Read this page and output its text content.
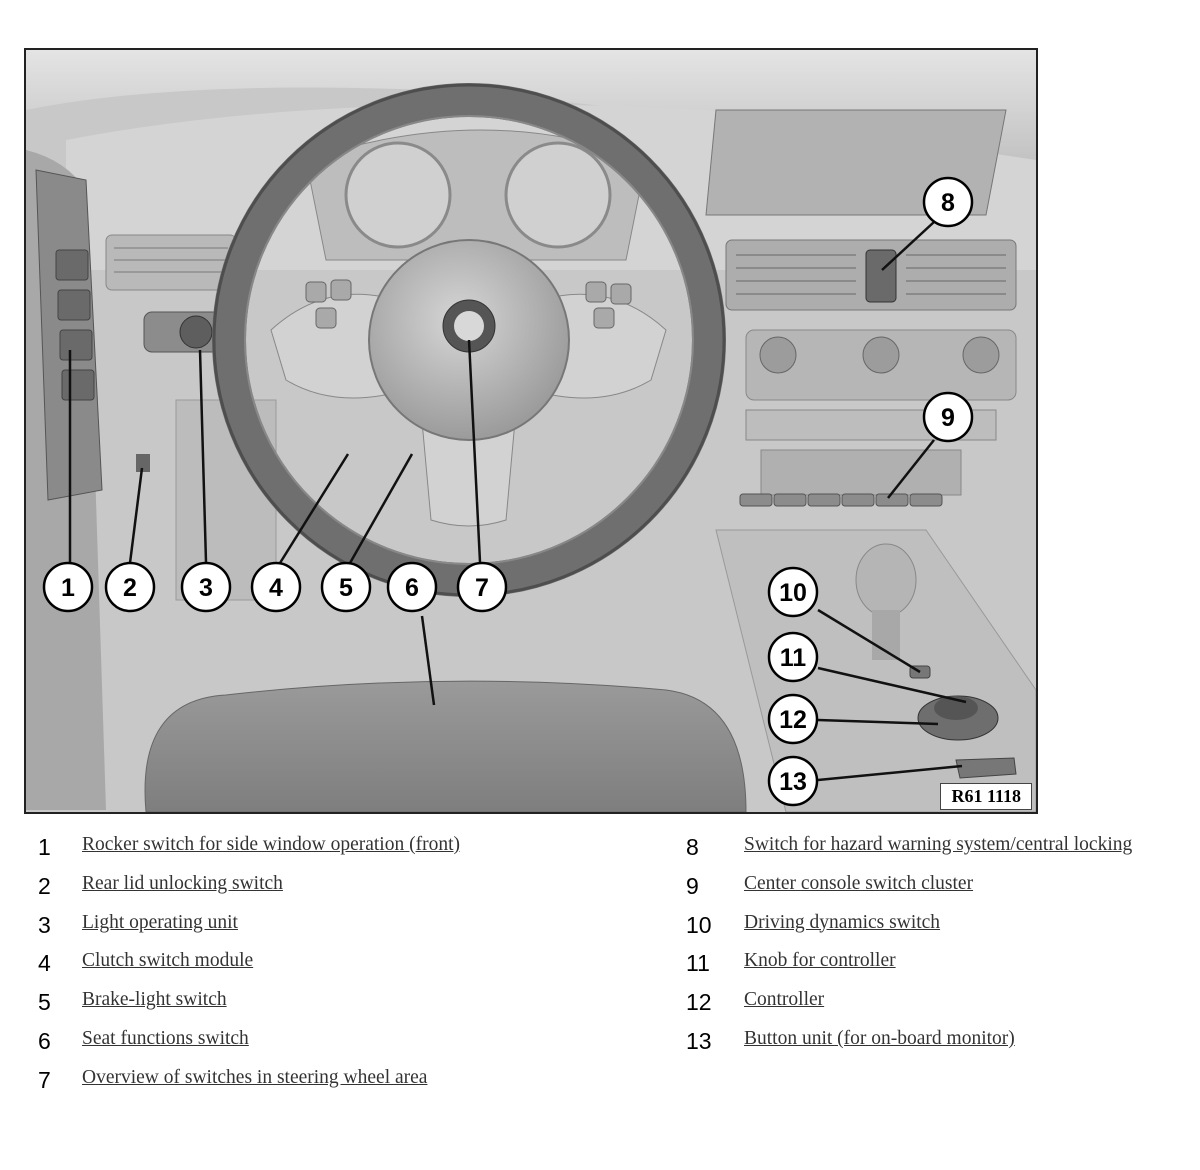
1 2 3 4 5 6 7
8
9
10
11
12
13	R61 1118
1	Rocker switch for side window operation (front)
2	Rear lid unlocking switch
3	Light operating unit
4	Clutch switch module
5	Brake-light switch
6	Seat functions switch
7	Overview of switches in steering wheel area
8	Switch for hazard warning system/central locking
9	Center console switch cluster
10	Driving dynamics switch
11	Knob for controller
12	Controller
13	Button unit (for on-board monitor)
